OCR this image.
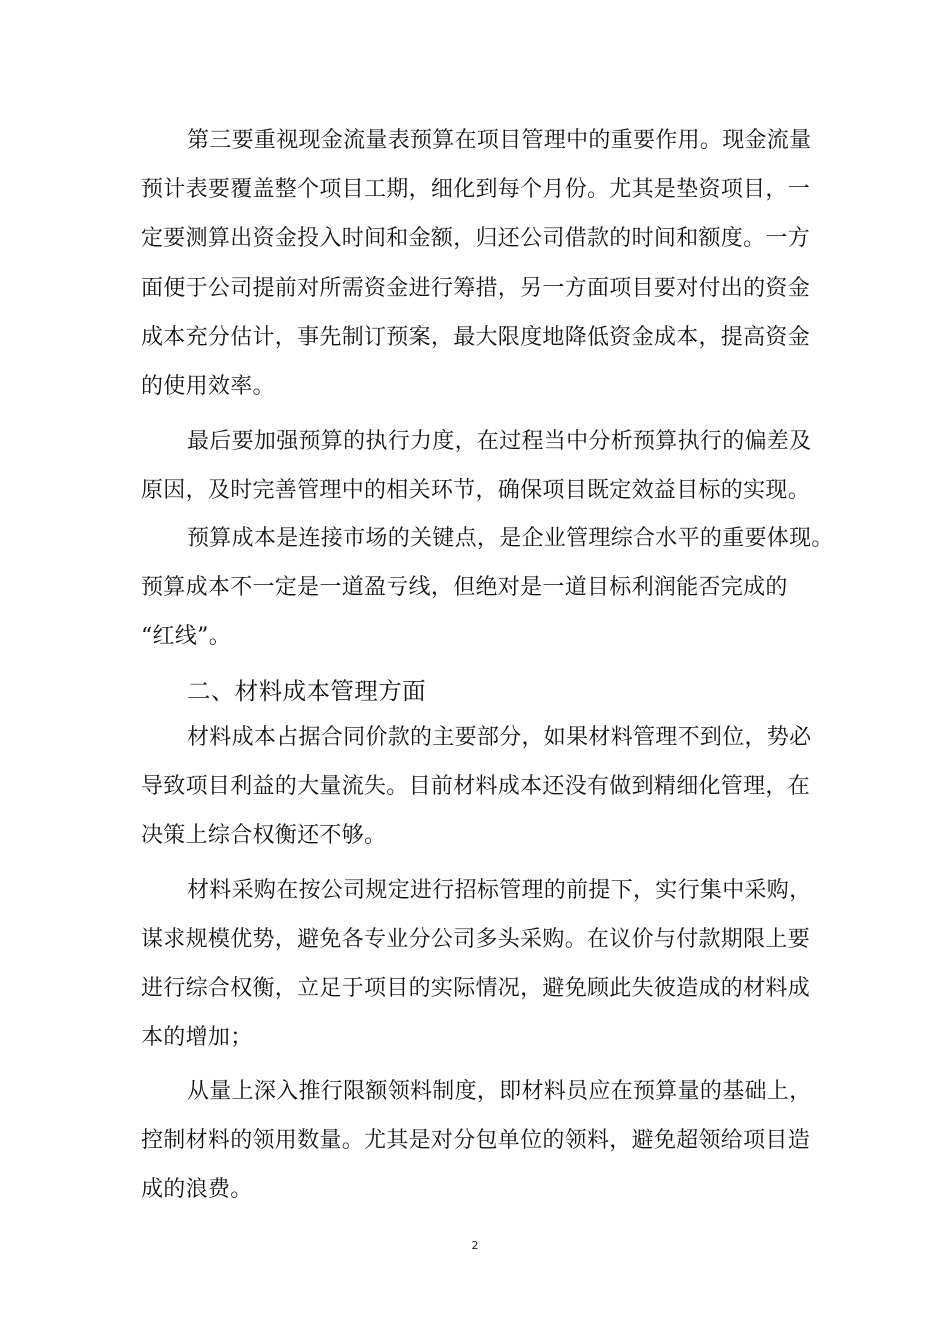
第三要重视现金流量表预算在项目管理中的重要作用。现金流量
预计表要覆盖整个项目工期，细化到每个月份。尤其是垫资项目，一
定要测算出资金投入时间和金额，归还公司借款的时间和额度。一方
面便于公司提前对所需资金进行筹措，另一方面项目要对付出的资金
成本充分估计，事先制订预案，最大限度地降低资金成本，提高资金
的使用效率。
最后要加强预算的执行力度，在过程当中分析预算执行的偏差及
原因，及时完善管理中的相关环节，确保项目既定效益目标的实现。
预算成本是连接市场的关键点，是企业管理综合水平的重要体现。
预算成本不一定是一道盈亏线，但绝对是一道目标利润能否完成的
“红线”。
二、材料成本管理方面
材料成本占据合同价款的主要部分，如果材料管理不到位，势必
导致项目利益的大量流失。目前材料成本还没有做到精细化管理，在
决策上综合权衡还不够。
材料采购在按公司规定进行招标管理的前提下，实行集中采购，
谋求规模优势，避免各专业分公司多头采购。在议价与付款期限上要
进行综合权衡，立足于项目的实际情况，避免顾此失彼造成的材料成
本的增加；
从量上深入推行限额领料制度，即材料员应在预算量的基础上，
控制材料的领用数量。尤其是对分包单位的领料，避免超领给项目造
成的浪费。
2
